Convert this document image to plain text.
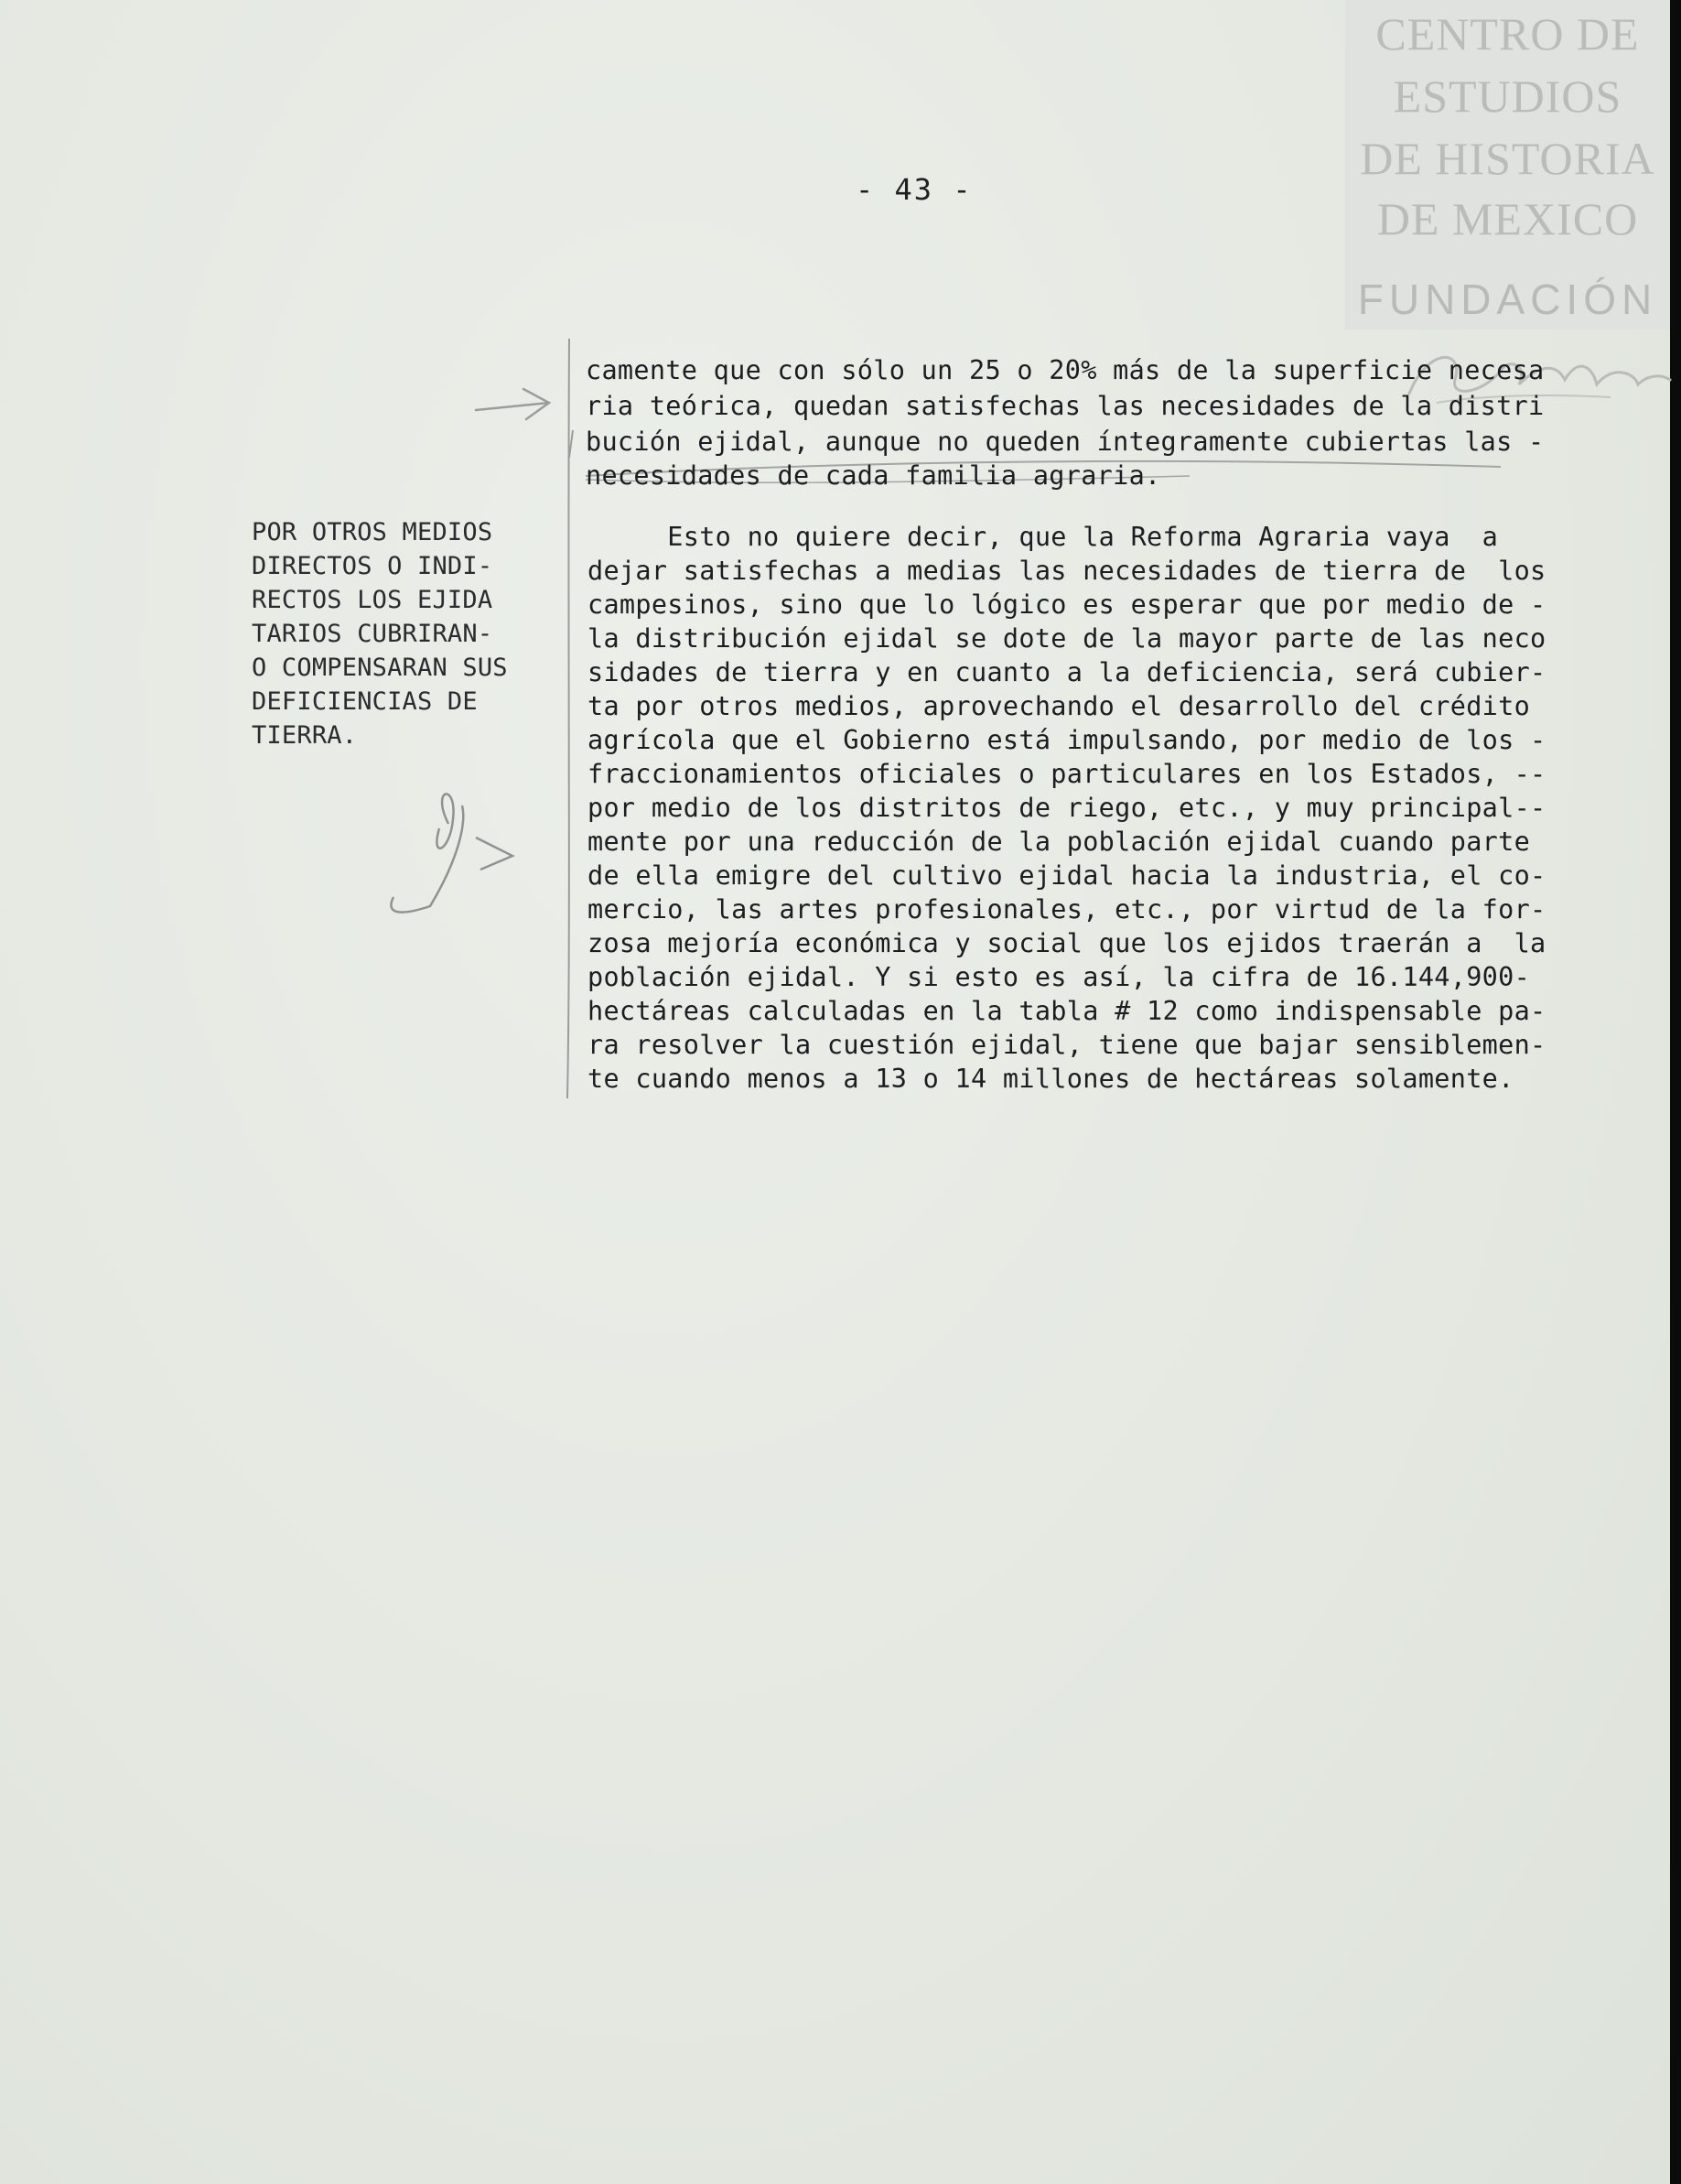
CENTRO DE
ESTUDIOS
DE HISTORIA
DE MEXICO
FUNDACIÓN
- 43 -
camente que con sólo un 25 o 20% más de la superficie necesa
ria teórica, quedan satisfechas las necesidades de la distri
bución ejidal, aunque no queden íntegramente cubiertas las -
necesidades de cada familia agraria.
POR OTROS MEDIOS
DIRECTOS O INDI-
RECTOS LOS EJIDA
TARIOS CUBRIRAN-
O COMPENSARAN SUS
DEFICIENCIAS DE
TIERRA.
Esto no quiere decir, que la Reforma Agraria vaya  a
dejar satisfechas a medias las necesidades de tierra de  los
campesinos, sino que lo lógico es esperar que por medio de -
la distribución ejidal se dote de la mayor parte de las neco
sidades de tierra y en cuanto a la deficiencia, será cubier-
ta por otros medios, aprovechando el desarrollo del crédito
agrícola que el Gobierno está impulsando, por medio de los -
fraccionamientos oficiales o particulares en los Estados, --
por medio de los distritos de riego, etc., y muy principal--
mente por una reducción de la población ejidal cuando parte
de ella emigre del cultivo ejidal hacia la industria, el co-
mercio, las artes profesionales, etc., por virtud de la for-
zosa mejoría económica y social que los ejidos traerán a  la
población ejidal. Y si esto es así, la cifra de 16.144,900-
hectáreas calculadas en la tabla # 12 como indispensable pa-
ra resolver la cuestión ejidal, tiene que bajar sensiblemen-
te cuando menos a 13 o 14 millones de hectáreas solamente.
